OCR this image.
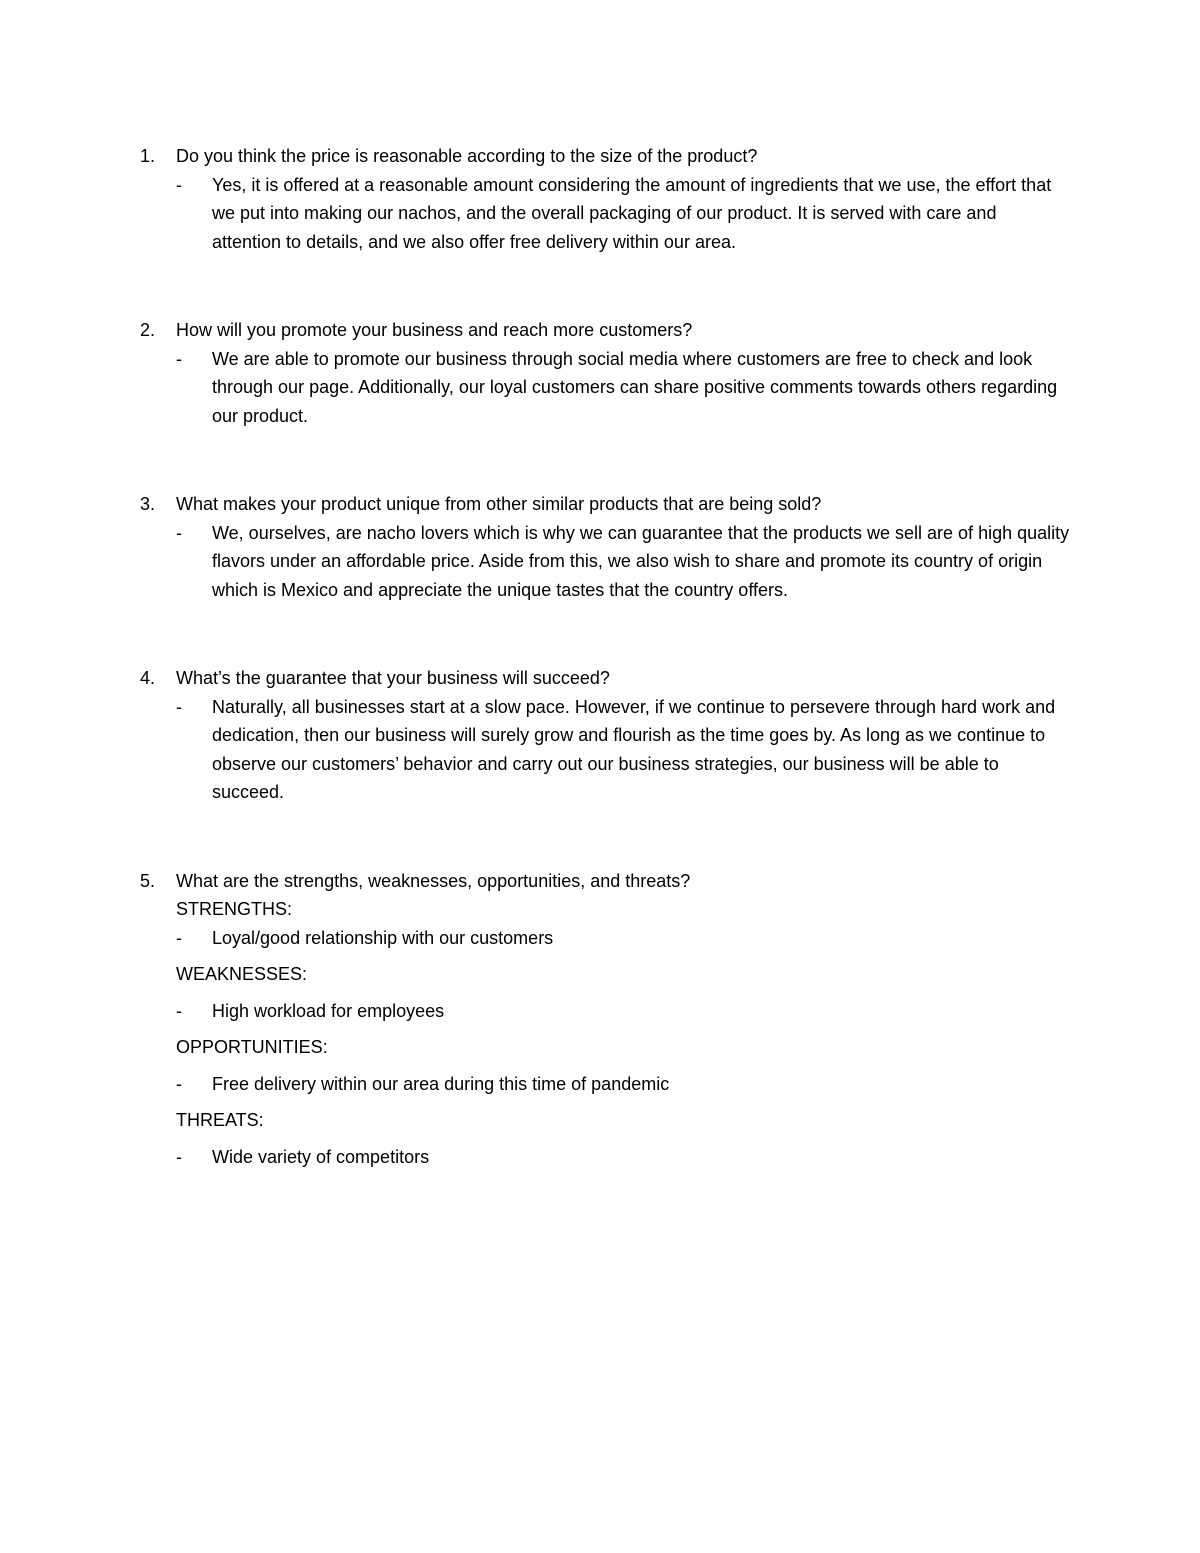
1.	Do you think the price is reasonable according to the size of the product?
-	Yes, it is offered at a reasonable amount considering the amount of ingredients that we use, the effort that we put into making our nachos, and the overall packaging of our product. It is served with care and attention to details, and we also offer free delivery within our area.
2.	How will you promote your business and reach more customers?
-	We are able to promote our business through social media where customers are free to check and look through our page. Additionally, our loyal customers can share positive comments towards others regarding our product.
3.	What makes your product unique from other similar products that are being sold?
-	We, ourselves, are nacho lovers which is why we can guarantee that the products we sell are of high quality flavors under an affordable price. Aside from this, we also wish to share and promote its country of origin which is Mexico and appreciate the unique tastes that the country offers.
4.	What’s the guarantee that your business will succeed?
-	Naturally, all businesses start at a slow pace. However, if we continue to persevere through hard work and dedication, then our business will surely grow and flourish as the time goes by. As long as we continue to observe our customers’ behavior and carry out our business strategies, our business will be able to succeed.
5.	What are the strengths, weaknesses, opportunities, and threats?
STRENGTHS:
-	Loyal/good relationship with our customers
WEAKNESSES:
-	High workload for employees
OPPORTUNITIES:
-	Free delivery within our area during this time of pandemic
THREATS:
-	Wide variety of competitors
